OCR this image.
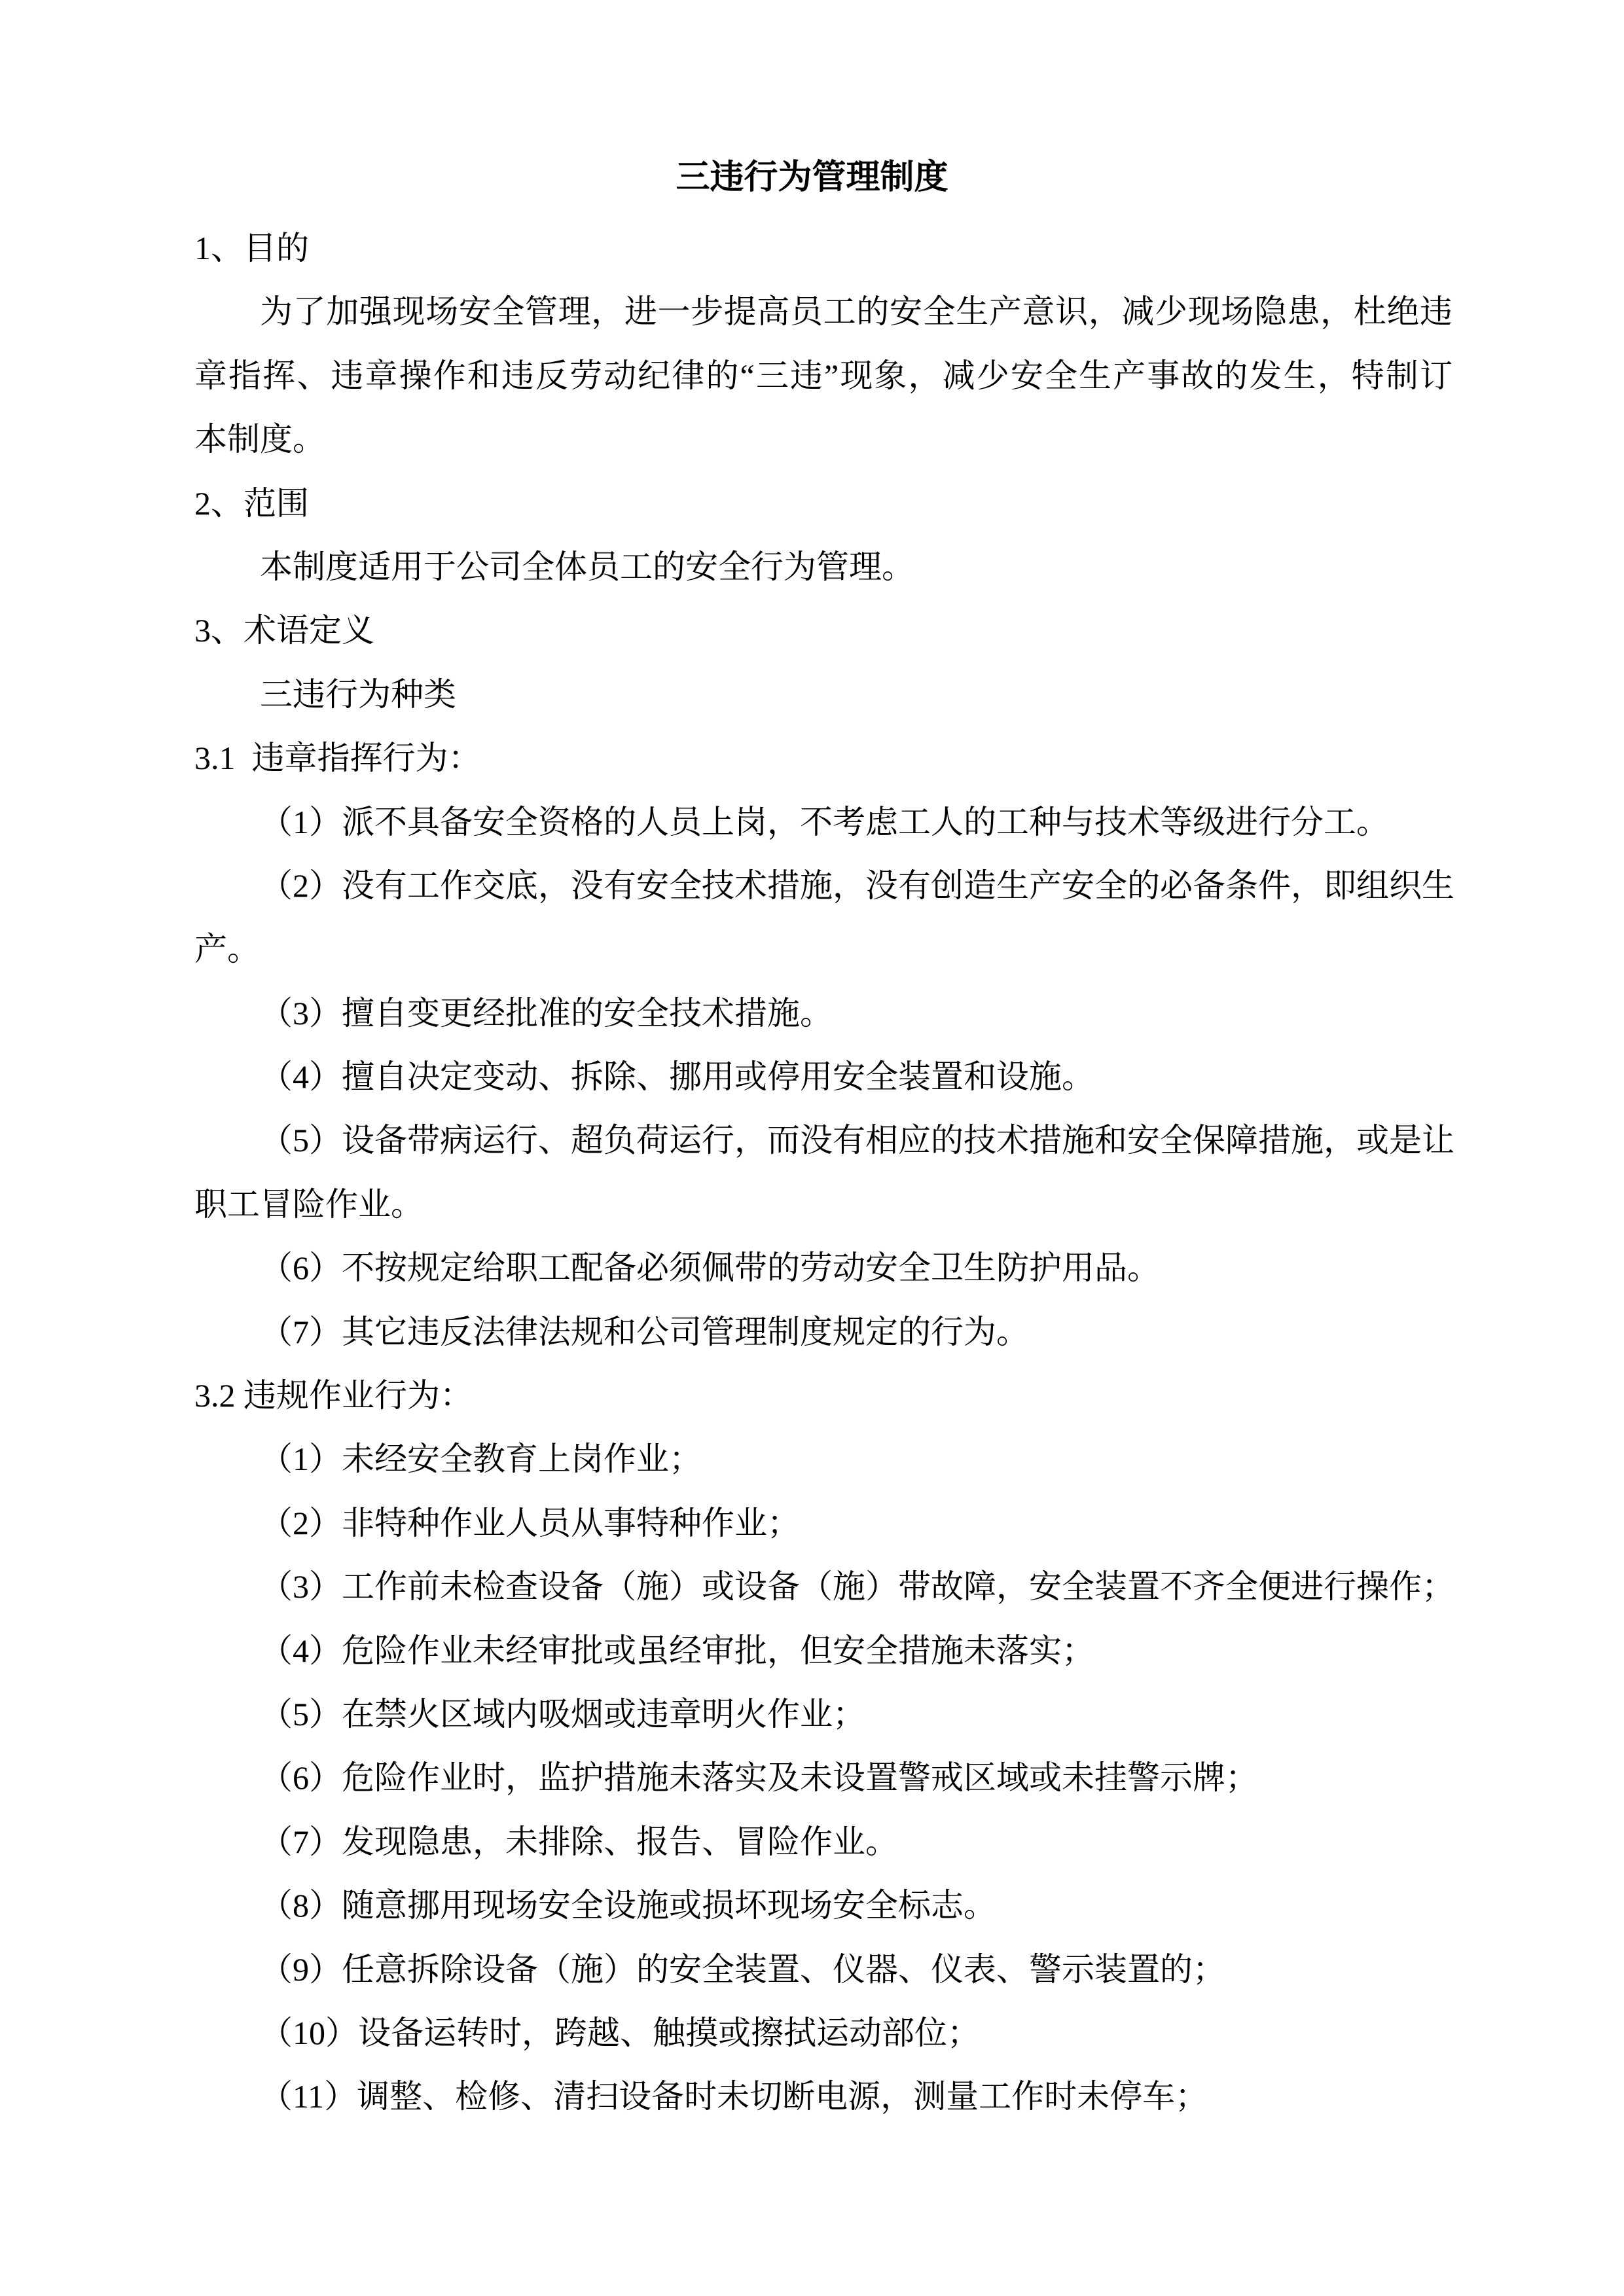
三违行为管理制度
1、目的
为了加强现场安全管理，进一步提高员工的安全生产意识，减少现场隐患，杜绝违
章指挥、违章操作和违反劳动纪律的“三违”现象，减少安全生产事故的发生，特制订
本制度。
2、范围
本制度适用于公司全体员工的安全行为管理。
3、术语定义
三违行为种类
3.1  违章指挥行为：
（1）派不具备安全资格的人员上岗，不考虑工人的工种与技术等级进行分工。
（2）没有工作交底，没有安全技术措施，没有创造生产安全的必备条件，即组织生
产。
（3）擅自变更经批准的安全技术措施。
（4）擅自决定变动、拆除、挪用或停用安全装置和设施。
（5）设备带病运行、超负荷运行，而没有相应的技术措施和安全保障措施，或是让
职工冒险作业。
（6）不按规定给职工配备必须佩带的劳动安全卫生防护用品。
（7）其它违反法律法规和公司管理制度规定的行为。
3.2 违规作业行为：
（1）未经安全教育上岗作业；
（2）非特种作业人员从事特种作业；
（3）工作前未检查设备（施）或设备（施）带故障，安全装置不齐全便进行操作；
（4）危险作业未经审批或虽经审批，但安全措施未落实；
（5）在禁火区域内吸烟或违章明火作业；
（6）危险作业时，监护措施未落实及未设置警戒区域或未挂警示牌；
（7）发现隐患，未排除、报告、冒险作业。
（8）随意挪用现场安全设施或损坏现场安全标志。
（9）任意拆除设备（施）的安全装置、仪器、仪表、警示装置的；
（10）设备运转时，跨越、触摸或擦拭运动部位；
（11）调整、检修、清扫设备时未切断电源，测量工作时未停车；
